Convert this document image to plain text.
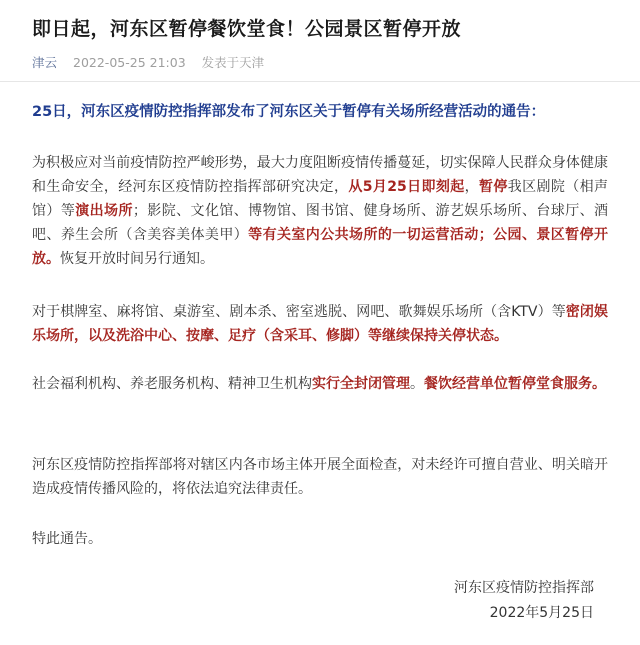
即日起，河东区暂停餐饮堂食！公园景区暂停开放
津云 2022-05-25 21:03 发表于天津

25日，河东区疫情防控指挥部发布了河东区关于暂停有关场所经营活动的通告：

为积极应对当前疫情防控严峻形势，最大力度阻断疫情传播蔓延，切实保障人民群众身体健康和生命安全，经河东区疫情防控指挥部研究决定，从5月25日即刻起，暂停我区剧院（相声馆）等演出场所；影院、文化馆、博物馆、图书馆、健身场所、游艺娱乐场所、台球厅、酒吧、养生会所（含美容美体美甲）等有关室内公共场所的一切运营活动；公园、景区暂停开放。恢复开放时间另行通知。

对于棋牌室、麻将馆、桌游室、剧本杀、密室逃脱、网吧、歌舞娱乐场所（含KTV）等密闭娱乐场所，以及洗浴中心、按摩、足疗（含采耳、修脚）等继续保持关停状态。

社会福利机构、养老服务机构、精神卫生机构实行全封闭管理。餐饮经营单位暂停堂食服务。

河东区疫情防控指挥部将对辖区内各市场主体开展全面检查，对未经许可擅自营业、明关暗开造成疫情传播风险的，将依法追究法律责任。

特此通告。

河东区疫情防控指挥部
2022年5月25日
